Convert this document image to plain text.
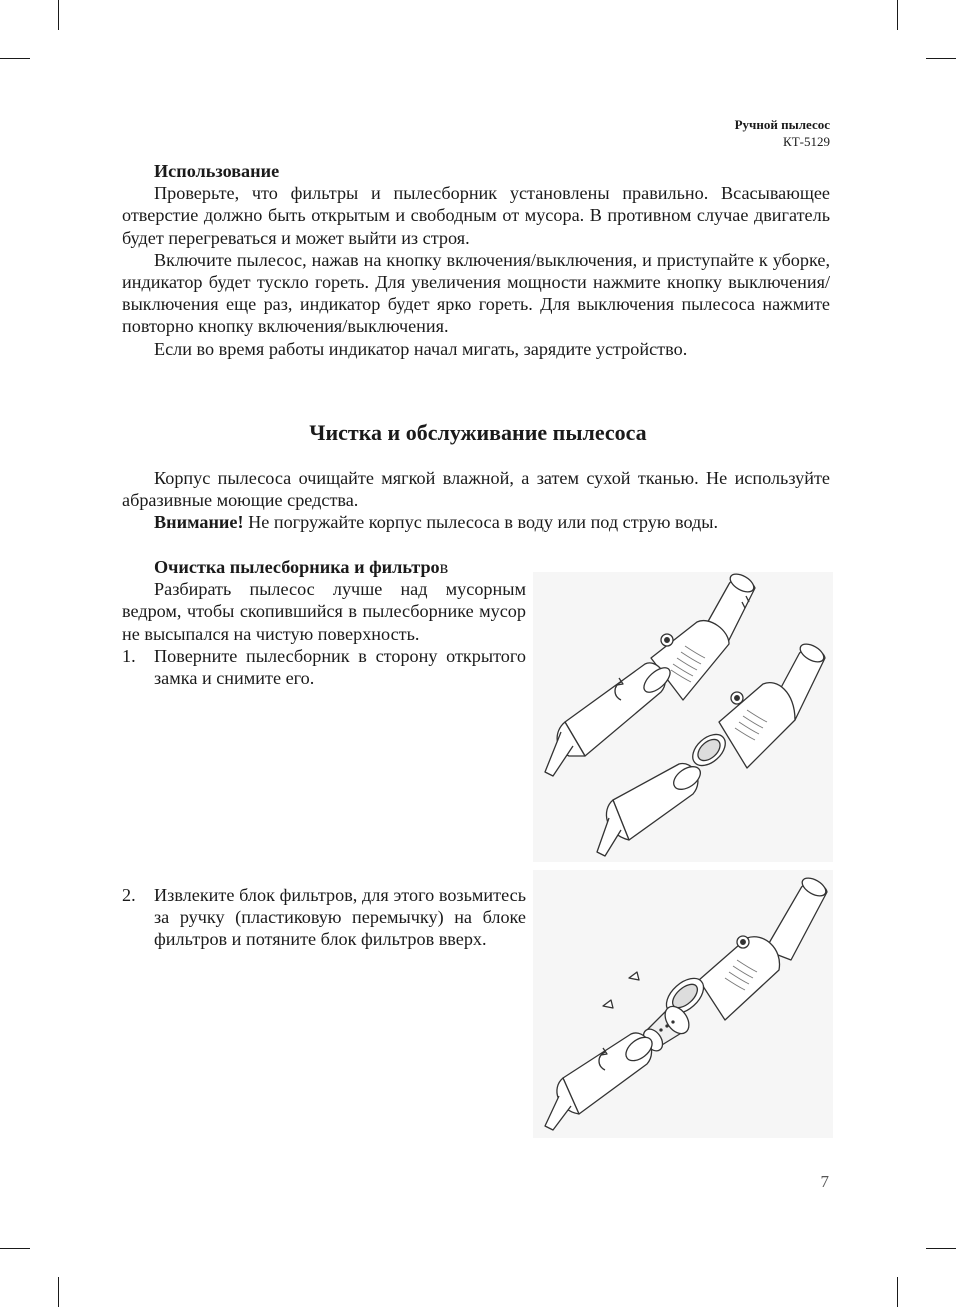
Ручной пылесос
КТ-5129
Использование

Проверьте, что фильтры и пылесборник установлены правильно. Всасывающее отверстие должно быть открытым и свободным от мусора. В противном случае двигатель будет перегреваться и может выйти из строя.

Включите пылесос, нажав на кнопку включения/выключения, и приступайте к уборке, индикатор будет тускло гореть. Для увеличения мощности нажмите кнопку выключения/выключения еще раз, индикатор будет ярко гореть. Для выключения пылесоса нажмите повторно кнопку включения/выключения.

Если во время работы индикатор начал мигать, зарядите устройство.

Чистка и обслуживание пылесоса

Корпус пылесоса очищайте мягкой влажной, а затем сухой тканью. Не используйте абразивные моющие средства.

Внимание! Не погружайте корпус пылесоса в воду или под струю воды.

Очистка пылесборника и фильтров

Разбирать пылесос лучше над мусорным ведром, чтобы скопившийся в пылесборнике мусор не высыпался на чистую поверхность.

1.	Поверните пылесборник в сторону открытого замка и снимите его.
2.	Извлеките блок фильтров, для этого возьмитесь за ручку (пластиковую перемычку) на блоке фильтров и потяните блок фильтров вверх.
7
